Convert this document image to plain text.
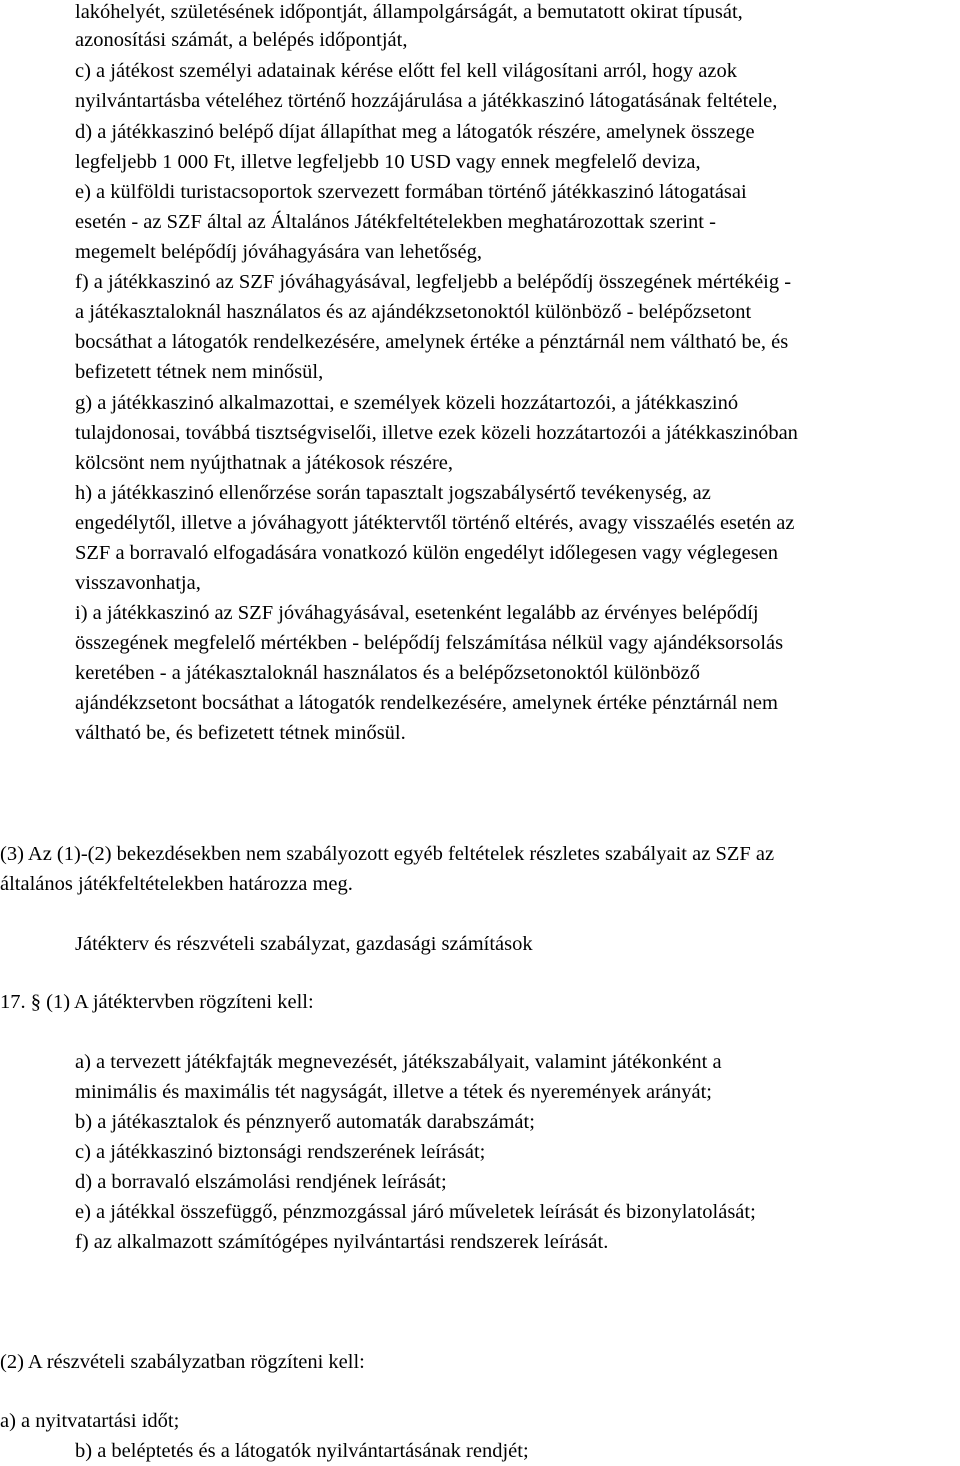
lakóhelyét, születésének időpontját, állampolgárságát, a bemutatott okirat típusát,
azonosítási számát, a belépés időpontját,
c) a játékost személyi adatainak kérése előtt fel kell világosítani arról, hogy azok
nyilvántartásba vételéhez történő hozzájárulása a játékkaszinó látogatásának feltétele,
d) a játékkaszinó belépő díjat állapíthat meg a látogatók részére, amelynek összege
legfeljebb 1 000 Ft, illetve legfeljebb 10 USD vagy ennek megfelelő deviza,
e) a külföldi turistacsoportok szervezett formában történő játékkaszinó látogatásai
esetén - az SZF által az Általános Játékfeltételekben meghatározottak szerint -
megemelt belépődíj jóváhagyására van lehetőség,
f) a játékkaszinó az SZF jóváhagyásával, legfeljebb a belépődíj összegének mértékéig -
a játékasztaloknál használatos és az ajándékzsetonoktól különböző - belépőzsetont
bocsáthat a látogatók rendelkezésére, amelynek értéke a pénztárnál nem váltható be, és
befizetett tétnek nem minősül,
g) a játékkaszinó alkalmazottai, e személyek közeli hozzátartozói, a játékkaszinó
tulajdonosai, továbbá tisztségviselői, illetve ezek közeli hozzátartozói a játékkaszinóban
kölcsönt nem nyújthatnak a játékosok részére,
h) a játékkaszinó ellenőrzése során tapasztalt jogszabálysértő tevékenység, az
engedélytől, illetve a jóváhagyott játéktervtől történő eltérés, avagy visszaélés esetén az
SZF a borravaló elfogadására vonatkozó külön engedélyt időlegesen vagy véglegesen
visszavonhatja,
i) a játékkaszinó az SZF jóváhagyásával, esetenként legalább az érvényes belépődíj
összegének megfelelő mértékben - belépődíj felszámítása nélkül vagy ajándéksorsolás
keretében - a játékasztaloknál használatos és a belépőzsetonoktól különböző
ajándékzsetont bocsáthat a látogatók rendelkezésére, amelynek értéke pénztárnál nem
váltható be, és befizetett tétnek minősül.
(3) Az (1)-(2) bekezdésekben nem szabályozott egyéb feltételek részletes szabályait az SZF az
általános játékfeltételekben határozza meg.
Játékterv és részvételi szabályzat, gazdasági számítások
17. § (1) A játéktervben rögzíteni kell:
a) a tervezett játékfajták megnevezését, játékszabályait, valamint játékonként a
minimális és maximális tét nagyságát, illetve a tétek és nyeremények arányát;
b) a játékasztalok és pénznyerő automaták darabszámát;
c) a játékkaszinó biztonsági rendszerének leírását;
d) a borravaló elszámolási rendjének leírását;
e) a játékkal összefüggő, pénzmozgással járó műveletek leírását és bizonylatolását;
f) az alkalmazott számítógépes nyilvántartási rendszerek leírását.
(2) A részvételi szabályzatban rögzíteni kell:
a) a nyitvatartási időt;
b) a beléptetés és a látogatók nyilvántartásának rendjét;
